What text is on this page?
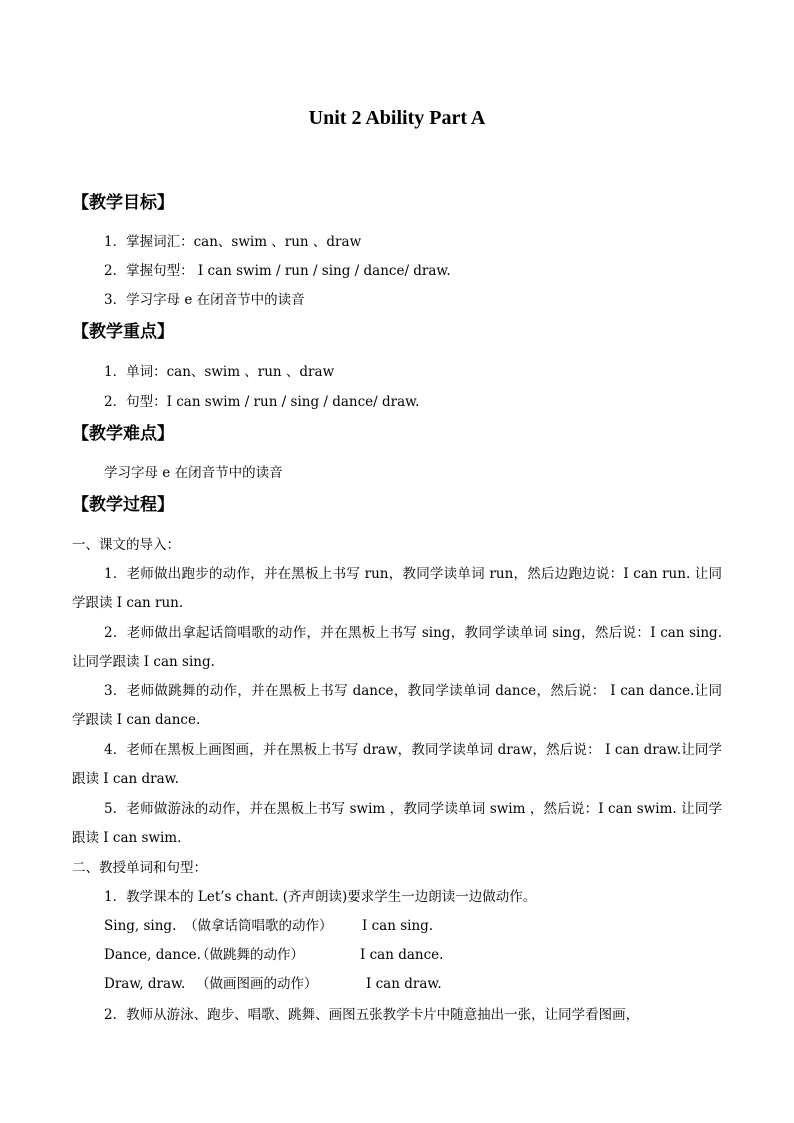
Unit 2 Ability Part A
【教学目标】
1．掌握词汇：can、swim 、run 、draw
2．掌握句型： I can swim / run / sing / dance/ draw.
3．学习字母 e 在闭音节中的读音
【教学重点】
1．单词：can、swim 、run 、draw
2．句型：I can swim / run / sing / dance/ draw.
【教学难点】
学习字母 e 在闭音节中的读音
【教学过程】
一、课文的导入：
1．老师做出跑步的动作，并在黑板上书写 run，教同学读单词 run，然后边跑边说：I can run. 让同学跟读 I can run.
2．老师做出拿起话筒唱歌的动作，并在黑板上书写 sing，教同学读单词 sing，然后说：I can sing. 让同学跟读 I can sing.
3．老师做跳舞的动作，并在黑板上书写 dance，教同学读单词 dance，然后说： I can dance.让同学跟读 I can dance.
4．老师在黑板上画图画，并在黑板上书写 draw，教同学读单词 draw，然后说： I can draw.让同学跟读 I can draw.
5．老师做游泳的动作，并在黑板上书写 swim ，教同学读单词 swim ，然后说：I can swim. 让同学跟读 I can swim.
二、教授单词和句型：
1．教学课本的 Let’s chant. (齐声朗读)要求学生一边朗读一边做动作。
Sing, sing. （做拿话筒唱歌的动作） I can sing.
Dance, dance.
（做跳舞的动作）	I can dance.
Draw, draw. （做画图画的动作）	I can draw.
2．教师从游泳、跑步、唱歌、跳舞、画图五张教学卡片中随意抽出一张，让同学看图画，
